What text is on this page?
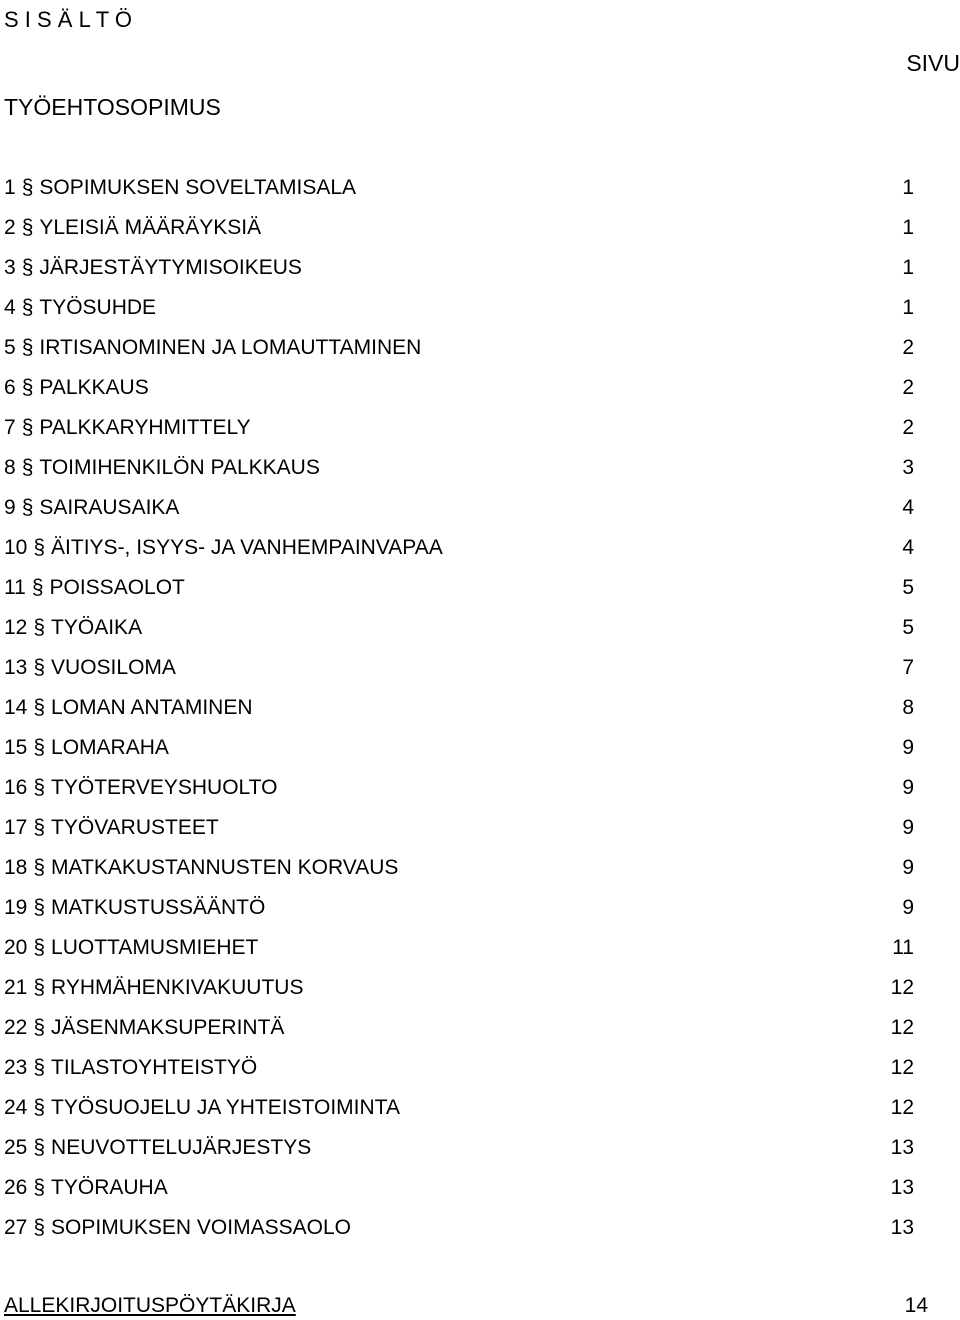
S I S Ä L T Ö
SIVU
TYÖEHTOSOPIMUS
1 § SOPIMUKSEN SOVELTAMISALA	1
2 § YLEISIÄ MÄÄRÄYKSIÄ	1
3 § JÄRJESTÄYTYMISOIKEUS	1
4 § TYÖSUHDE	1
5 § IRTISANOMINEN JA LOMAUTTAMINEN	2
6 § PALKKAUS	2
7 § PALKKARYHMITTELY	2
8 § TOIMIHENKILÖN PALKKAUS	3
9 § SAIRAUSAIKA	4
10 § ÄITIYS-, ISYYS- JA VANHEMPAINVAPAA	4
11 § POISSAOLOT	5
12 § TYÖAIKA	5
13 § VUOSILOMA	7
14 § LOMAN ANTAMINEN	8
15 § LOMARAHA	9
16 § TYÖTERVEYSHUOLTO	9
17 § TYÖVARUSTEET	9
18 § MATKAKUSTANNUSTEN KORVAUS	9
19 § MATKUSTUSSÄÄNTÖ	9
20 § LUOTTAMUSMIEHET	11
21 § RYHMÄHENKIVAKUUTUS	12
22 § JÄSENMAKSUPERINTÄ	12
23 § TILASTOYHTEISTYÖ	12
24 § TYÖSUOJELU JA YHTEISTOIMINTA	12
25 § NEUVOTTELUJÄRJESTYS	13
26 § TYÖRAUHA	13
27 § SOPIMUKSEN VOIMASSAOLO	13
ALLEKIRJOITUSPÖYTÄKIRJA	14
